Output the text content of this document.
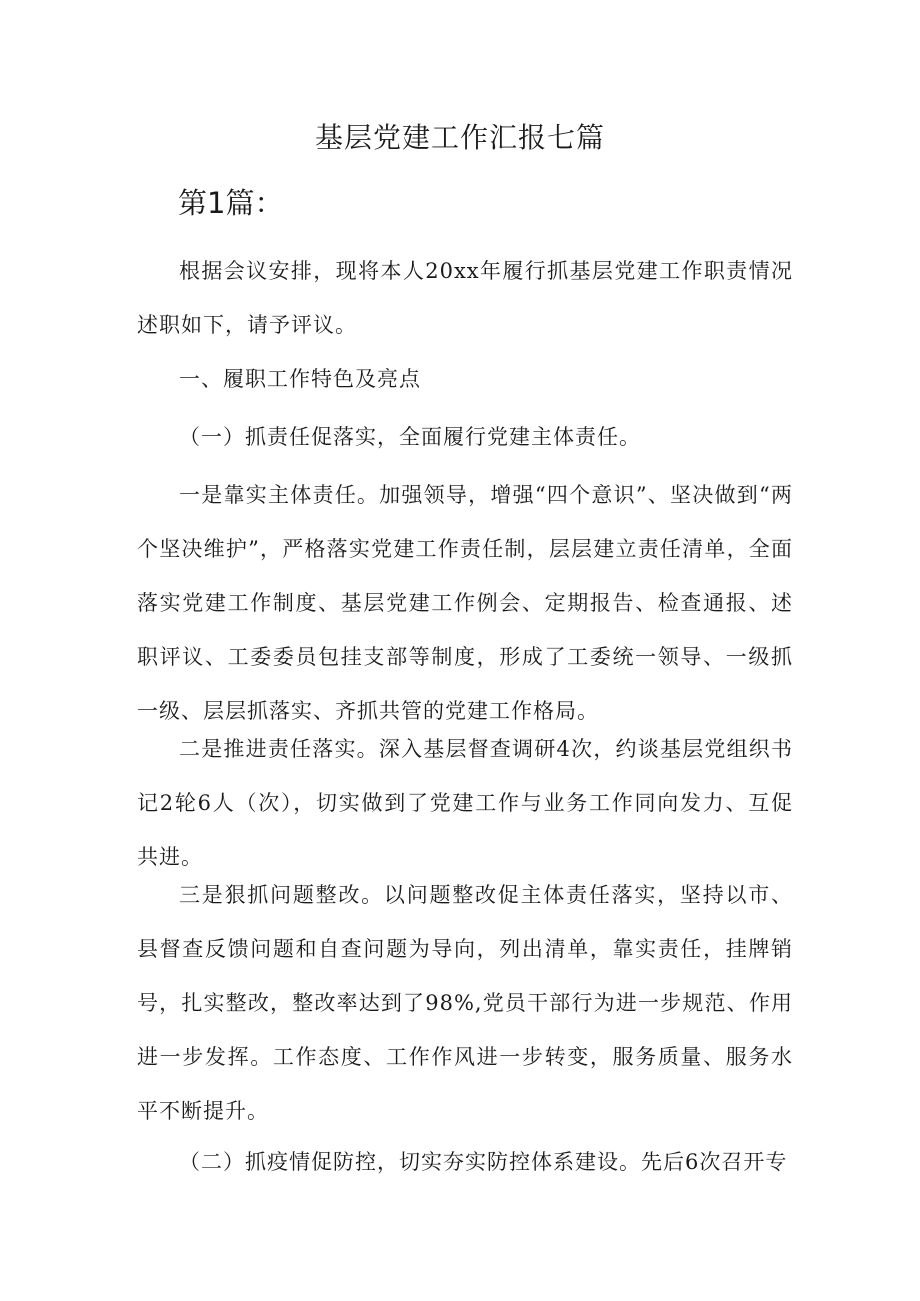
基层党建工作汇报七篇
第1篇：

根据会议安排，现将本人20xx年履行抓基层党建工作职责情况述职如下，请予评议。

一、履职工作特色及亮点

（一）抓责任促落实，全面履行党建主体责任。

一是靠实主体责任。加强领导，增强“四个意识”、坚决做到“两个坚决维护”，严格落实党建工作责任制，层层建立责任清单，全面落实党建工作制度、基层党建工作例会、定期报告、检查通报、述职评议、工委委员包挂支部等制度，形成了工委统一领导、一级抓一级、层层抓落实、齐抓共管的党建工作格局。

二是推进责任落实。深入基层督查调研4次，约谈基层党组织书记2轮6人（次），切实做到了党建工作与业务工作同向发力、互促共进。

三是狠抓问题整改。以问题整改促主体责任落实，坚持以市、县督查反馈问题和自查问题为导向，列出清单，靠实责任，挂牌销号，扎实整改，整改率达到了98%,党员干部行为进一步规范、作用进一步发挥。工作态度、工作作风进一步转变，服务质量、服务水平不断提升。

（二）抓疫情促防控，切实夯实防控体系建设。先后6次召开专
